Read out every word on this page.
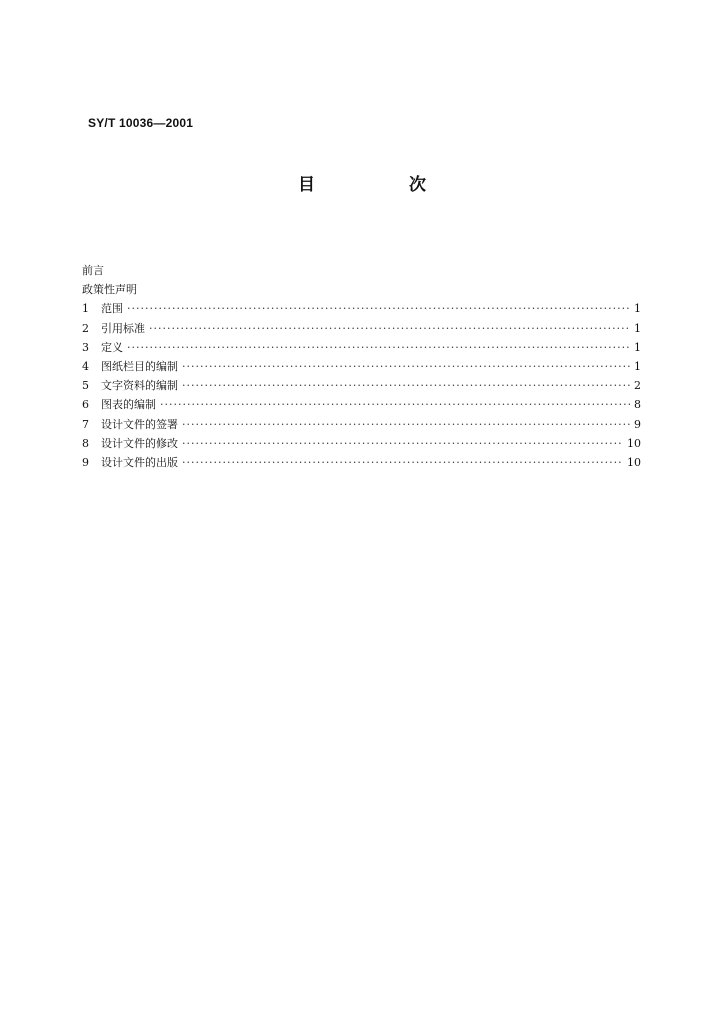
SY/T 10036—2001
目 次
前言
政策性声明
1	范围 ·····	1
2	引用标准 ·····	1
3	定义 ·····	1
4	图纸栏目的编制 ·····	1
5	文字资料的编制 ·····	2
6	图表的编制 ·····	8
7	设计文件的签署 ·····	9
8	设计文件的修改 ·····	10
9	设计文件的出版 ·····	10
